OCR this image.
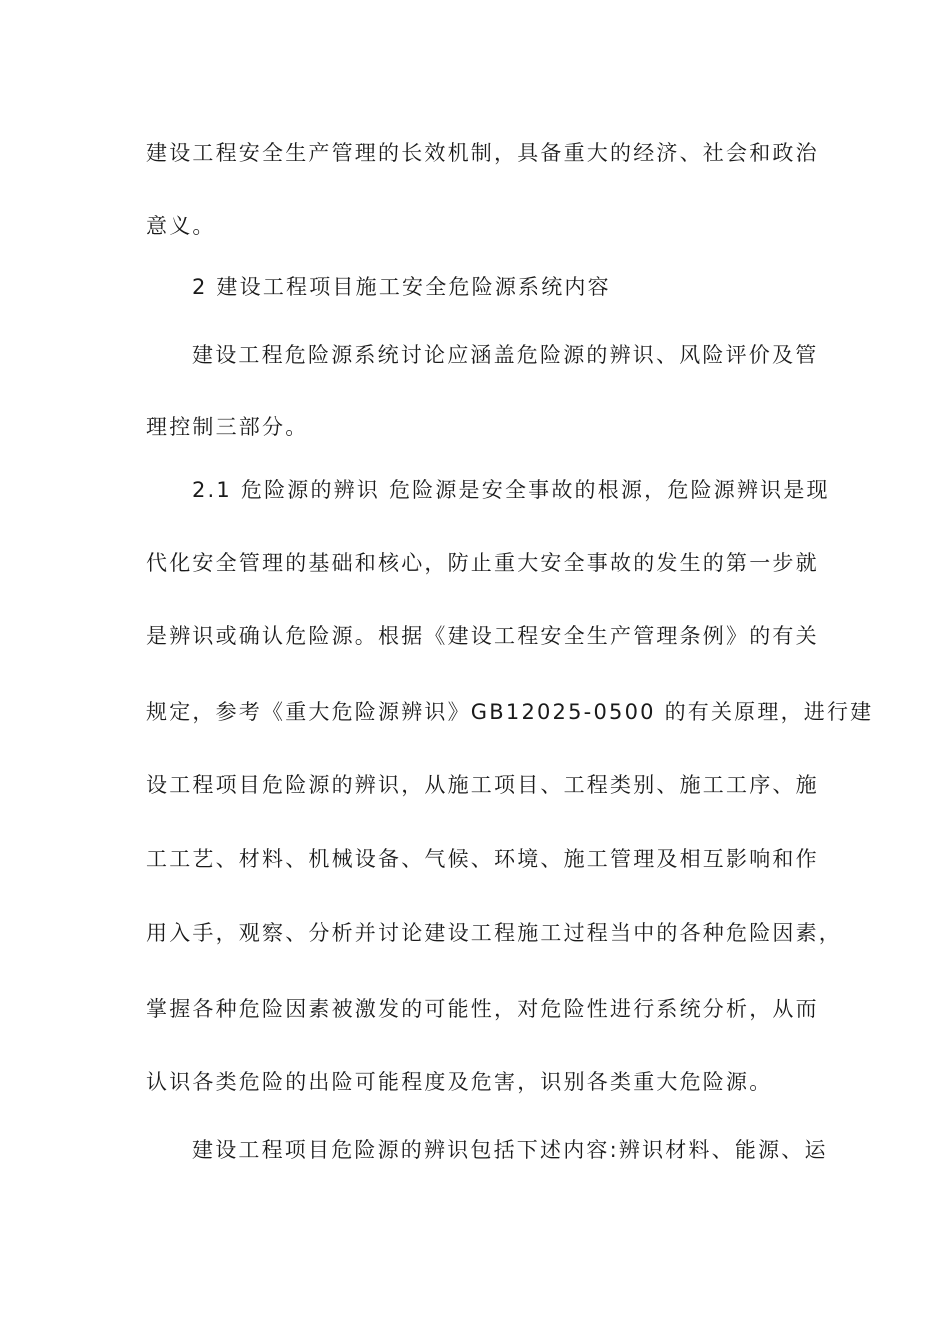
建设工程安全生产管理的长效机制，具备重大的经济、社会和政治

意义。

2 建设工程项目施工安全危险源系统内容

建设工程危险源系统讨论应涵盖危险源的辨识、风险评价及管

理控制三部分。

2.1 危险源的辨识 危险源是安全事故的根源，危险源辨识是现

代化安全管理的基础和核心，防止重大安全事故的发生的第一步就

是辨识或确认危险源。根据《建设工程安全生产管理条例》的有关

规定，参考《重大危险源辨识》GB12025-0500 的有关原理，进行建

设工程项目危险源的辨识，从施工项目、工程类别、施工工序、施

工工艺、材料、机械设备、气候、环境、施工管理及相互影响和作

用入手，观察、分析并讨论建设工程施工过程当中的各种危险因素，

掌握各种危险因素被激发的可能性，对危险性进行系统分析，从而

认识各类危险的出险可能程度及危害，识别各类重大危险源。

建设工程项目危险源的辨识包括下述内容:辨识材料、能源、运
